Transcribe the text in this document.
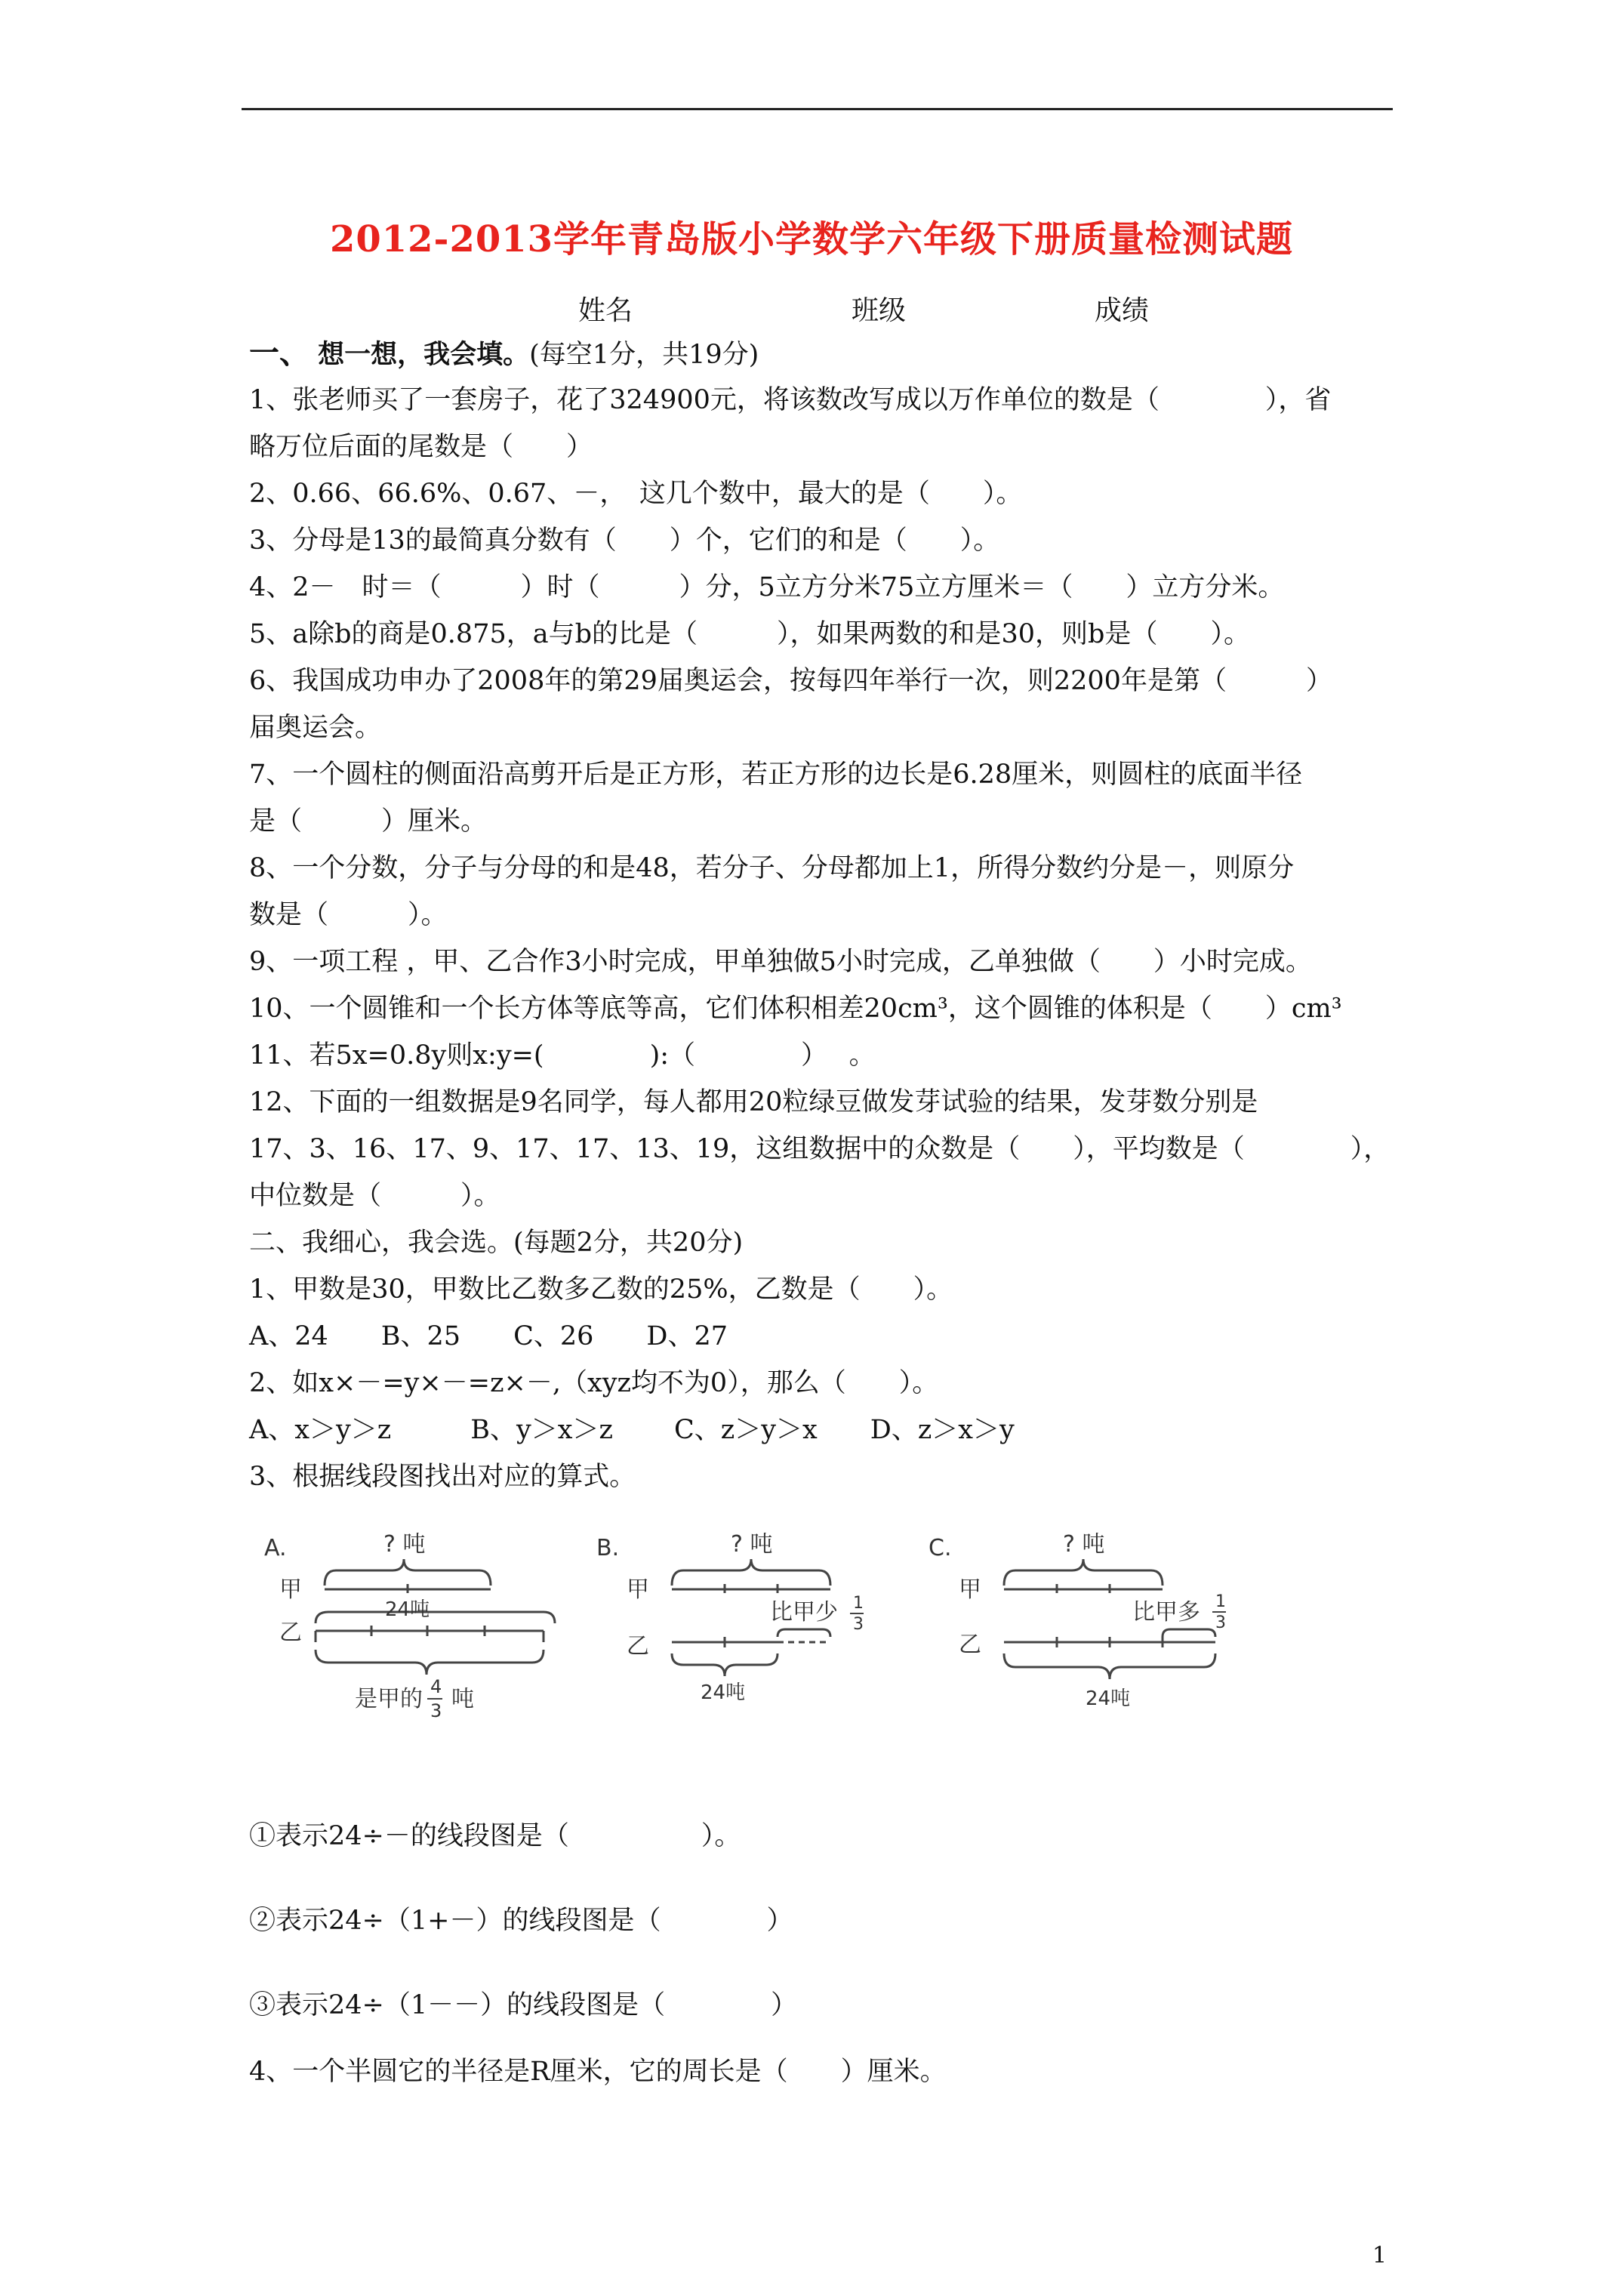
2012-2013学年青岛版小学数学六年级下册质量检测试题
姓名	班级	成绩
一、 想一想，我会填。(每空1分，共19分)
1、张老师买了一套房子，花了324900元，将该数改写成以万作单位的数是（　　　　），省
略万位后面的尾数是（　　）
2、0.66、66.6%、0.67、－，　这几个数中，最大的是（　　）。
3、分母是13的最简真分数有（　　）个，它们的和是（　　）。
4、2－　时＝（　　　）时（　　　）分，5立方分米75立方厘米＝（　　）立方分米。
5、a除b的商是0.875，a与b的比是（　　　），如果两数的和是30，则b是（　　）。
6、我国成功申办了2008年的第29届奥运会，按每四年举行一次，则2200年是第（　　　）
届奥运会。
7、一个圆柱的侧面沿高剪开后是正方形，若正方形的边长是6.28厘米，则圆柱的底面半径
是（　　　）厘米。
8、一个分数，分子与分母的和是48，若分子、分母都加上1，所得分数约分是－，则原分
数是（　　　）。
9、一项工程 ，甲、乙合作3小时完成，甲单独做5小时完成，乙单独做（　　）小时完成。
10、一个圆锥和一个长方体等底等高，它们体积相差20cm³，这个圆锥的体积是（　　）cm³
11、若5x=0.8y则x:y=(　　　　):（　　　　）　 。
12、下面的一组数据是9名同学，每人都用20粒绿豆做发芽试验的结果，发芽数分别是
17、3、16、17、9、17、17、13、19，这组数据中的众数是（　　），平均数是（　　　　），
中位数是（　　　）。
二、我细心，我会选。(每题2分，共20分)
1、甲数是30，甲数比乙数多乙数的25%，乙数是（　　）。
A、24　　B、25　　C、26　　D、27
2、如x×－=y×－=z×－,（xyz均不为0），那么（　　）。
A、x＞y＞z　　　B、y＞x＞z　　 C、z＞y＞x　　D、z＞x＞y
3、根据线段图找出对应的算式。
A.	? 吨
甲
24吨
乙
是甲的 4
3 吨
B.	? 吨
甲
比甲少 1
3
乙
24吨
C.	? 吨
甲
比甲多 1
3
乙
24吨
①表示24÷－的线段图是（　　　　　）。
②表示24÷（1+－）的线段图是（　　　　）
③表示24÷（1－－）的线段图是（　　　　）
4、一个半圆它的半径是R厘米，它的周长是（　　）厘米。
1
